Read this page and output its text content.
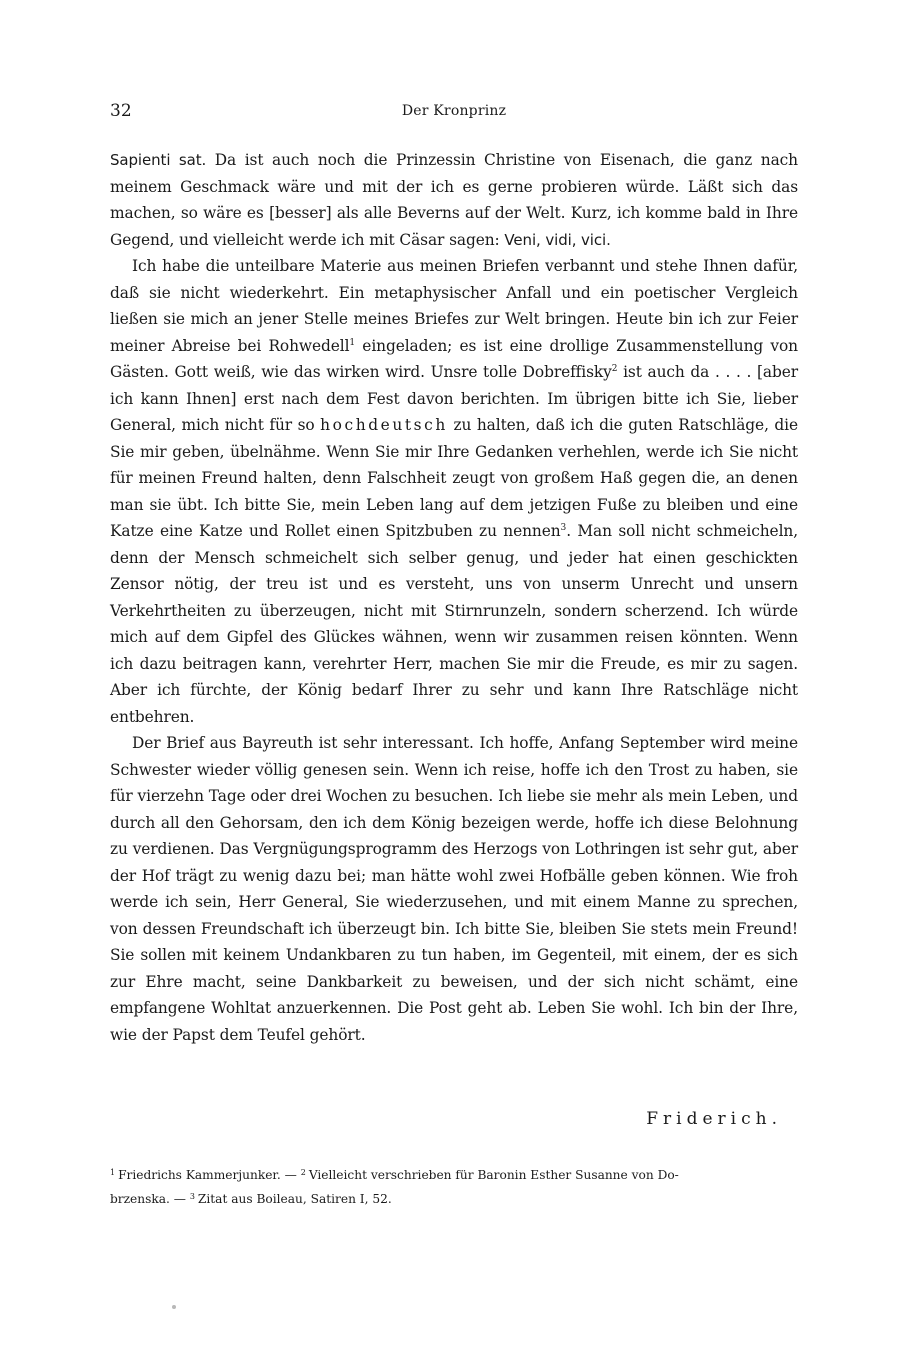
32	Der Kronprinz

Sapienti sat. Da ist auch noch die Prinzessin Christine von Eisenach, die ganz nach meinem Geschmack wäre und mit der ich es gerne probieren würde. Läßt sich das machen, so wäre es [besser] als alle Beverns auf der Welt. Kurz, ich komme bald in Ihre Gegend, und vielleicht werde ich mit Cäsar sagen: Veni, vidi, vici.

Ich habe die unteilbare Materie aus meinen Briefen verbannt und stehe Ihnen dafür, daß sie nicht wiederkehrt. Ein metaphysischer Anfall und ein poetischer Vergleich ließen sie mich an jener Stelle meines Briefes zur Welt bringen. Heute bin ich zur Feier meiner Abreise bei Rohwedell$^1$ eingeladen; es ist eine drollige Zusammenstellung von Gästen. Gott weiß, wie das wirken wird. Unsre tolle Dobreffisky$^2$ ist auch da . . . . [aber ich kann Ihnen] erst nach dem Fest davon berichten. Im übrigen bitte ich Sie, lieber General, mich nicht für so hochdeutsch zu halten, daß ich die guten Ratschläge, die Sie mir geben, übelnähme. Wenn Sie mir Ihre Gedanken verhehlen, werde ich Sie nicht für meinen Freund halten, denn Falschheit zeugt von großem Haß gegen die, an denen man sie übt. Ich bitte Sie, mein Leben lang auf dem jetzigen Fuße zu bleiben und eine Katze eine Katze und Rollet einen Spitzbuben zu nennen$^3$. Man soll nicht schmeicheln, denn der Mensch schmeichelt sich selber genug, und jeder hat einen geschickten Zensor nötig, der treu ist und es versteht, uns von unserm Unrecht und unsern Verkehrtheiten zu überzeugen, nicht mit Stirnrunzeln, sondern scherzend. Ich würde mich auf dem Gipfel des Glückes wähnen, wenn wir zusammen reisen könnten. Wenn ich dazu beitragen kann, verehrter Herr, machen Sie mir die Freude, es mir zu sagen. Aber ich fürchte, der König bedarf Ihrer zu sehr und kann Ihre Ratschläge nicht entbehren.

Der Brief aus Bayreuth ist sehr interessant. Ich hoffe, Anfang September wird meine Schwester wieder völlig genesen sein. Wenn ich reise, hoffe ich den Trost zu haben, sie für vierzehn Tage oder drei Wochen zu besuchen. Ich liebe sie mehr als mein Leben, und durch all den Gehorsam, den ich dem König bezeigen werde, hoffe ich diese Belohnung zu verdienen. Das Vergnügungsprogramm des Herzogs von Lothringen ist sehr gut, aber der Hof trägt zu wenig dazu bei; man hätte wohl zwei Hofbälle geben können. Wie froh werde ich sein, Herr General, Sie wiederzusehen, und mit einem Manne zu sprechen, von dessen Freundschaft ich überzeugt bin. Ich bitte Sie, bleiben Sie stets mein Freund! Sie sollen mit keinem Undankbaren zu tun haben, im Gegenteil, mit einem, der es sich zur Ehre macht, seine Dankbarkeit zu beweisen, und der sich nicht schämt, eine empfangene Wohltat anzuerkennen. Die Post geht ab. Leben Sie wohl. Ich bin der Ihre, wie der Papst dem Teufel gehört.

Friderich.
$^1$ Friedrichs Kammerjunker. — $^2$ Vielleicht verschrieben für Baronin Esther Susanne von Do-
brzenska. — $^3$ Zitat aus Boileau, Satiren I, 52.
